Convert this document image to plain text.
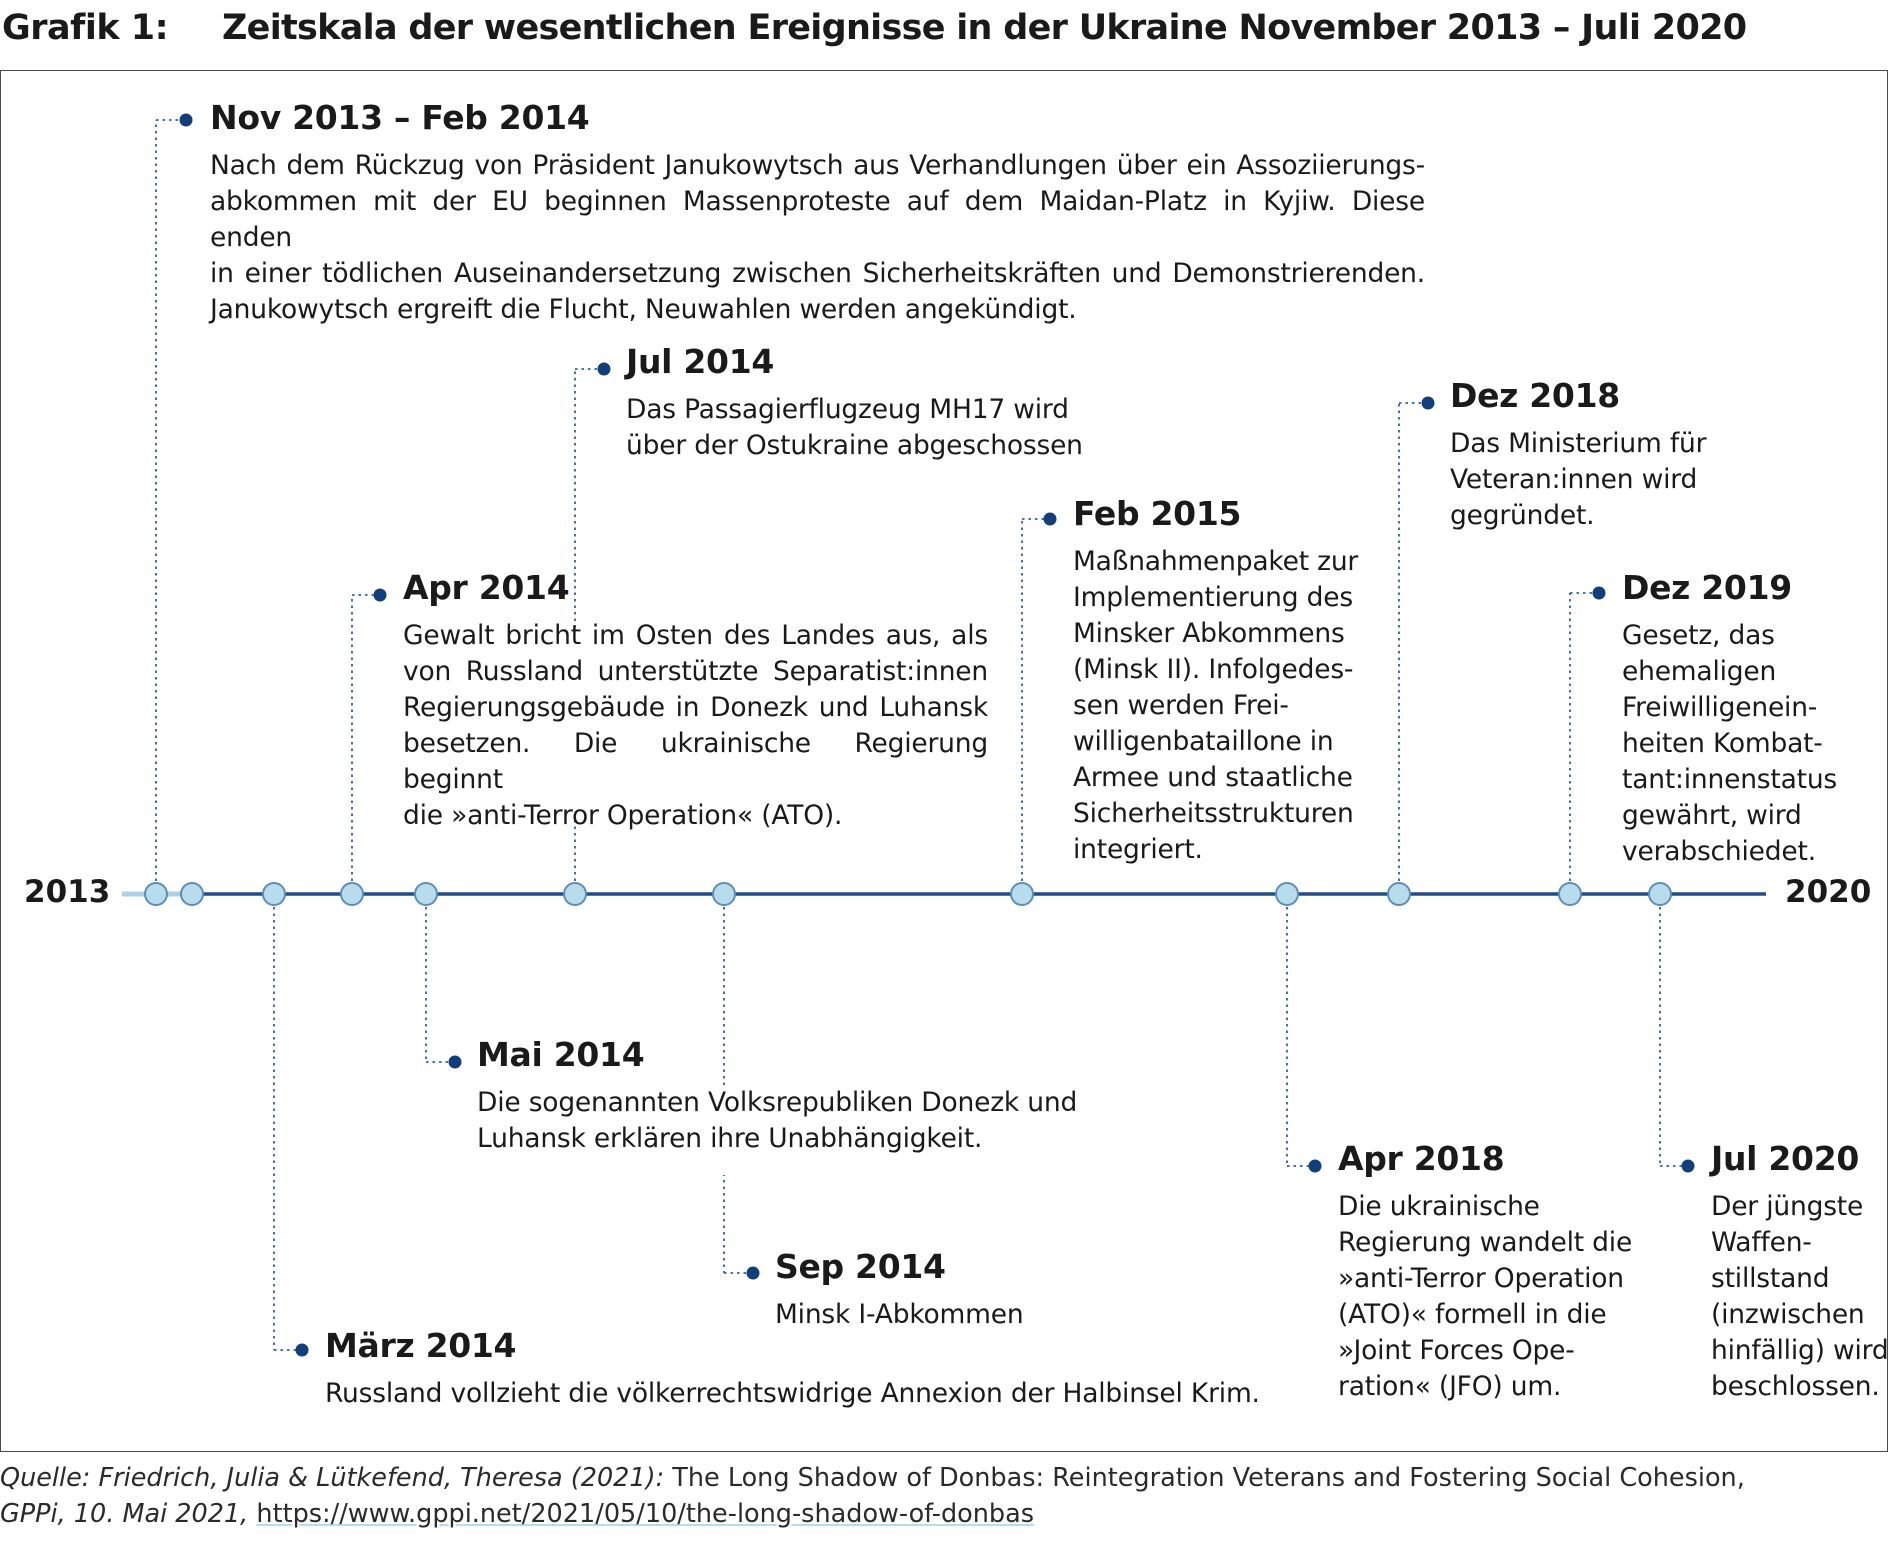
Grafik 1: Zeitskala der wesentlichen Ereignisse in der Ukraine November 2013 – Juli 2020
2013	2020
Nov 2013 – Feb 2014
Nach dem Rückzug von Präsident Janukowytsch aus Verhandlungen über ein Assoziierungs-
abkommen mit der EU beginnen Massenproteste auf dem Maidan-Platz in Kyjiw. Diese enden
in einer tödlichen Auseinandersetzung zwischen Sicherheitskräften und Demonstrierenden.
Janukowytsch ergreift die Flucht, Neuwahlen werden angekündigt.
März 2014
Russland vollzieht die völkerrechtswidrige Annexion der Halbinsel Krim.
Apr 2014
Gewalt bricht im Osten des Landes aus, als
von Russland unterstützte Separatist:innen
Regierungsgebäude in Donezk und Luhansk
besetzen. Die ukrainische Regierung beginnt
die »anti-Terror Operation« (ATO).
Mai 2014
Die sogenannten Volksrepubliken Donezk und
Luhansk erklären ihre Unabhängigkeit.
Jul 2014
Das Passagierflugzeug MH17 wird
über der Ostukraine abgeschossen
Sep 2014
Minsk I-Abkommen
Feb 2015
Maßnahmenpaket zur
Implementierung des
Minsker Abkommens
(Minsk II). Infolgedes-
sen werden Frei-
willigenbataillone in
Armee und staatliche
Sicherheitsstrukturen
integriert.
Apr 2018
Die ukrainische
Regierung wandelt die
»anti-Terror Operation
(ATO)« formell in die
»Joint Forces Ope-
ration« (JFO) um.
Dez 2018
Das Ministerium für
Veteran:innen wird
gegründet.
Dez 2019
Gesetz, das
ehemaligen
Freiwilligenein-
heiten Kombat-
tant:innenstatus
gewährt, wird
verabschiedet.
Jul 2020
Der jüngste
Waffen-
stillstand
(inzwischen
hinfällig) wird
beschlossen.
Quelle: Friedrich, Julia & Lütkefend, Theresa (2021): The Long Shadow of Donbas: Reintegration Veterans and Fostering Social Cohesion, GPPi, 10. Mai 2021, https://www.gppi.net/2021/05/10/the-long-shadow-of-donbas
